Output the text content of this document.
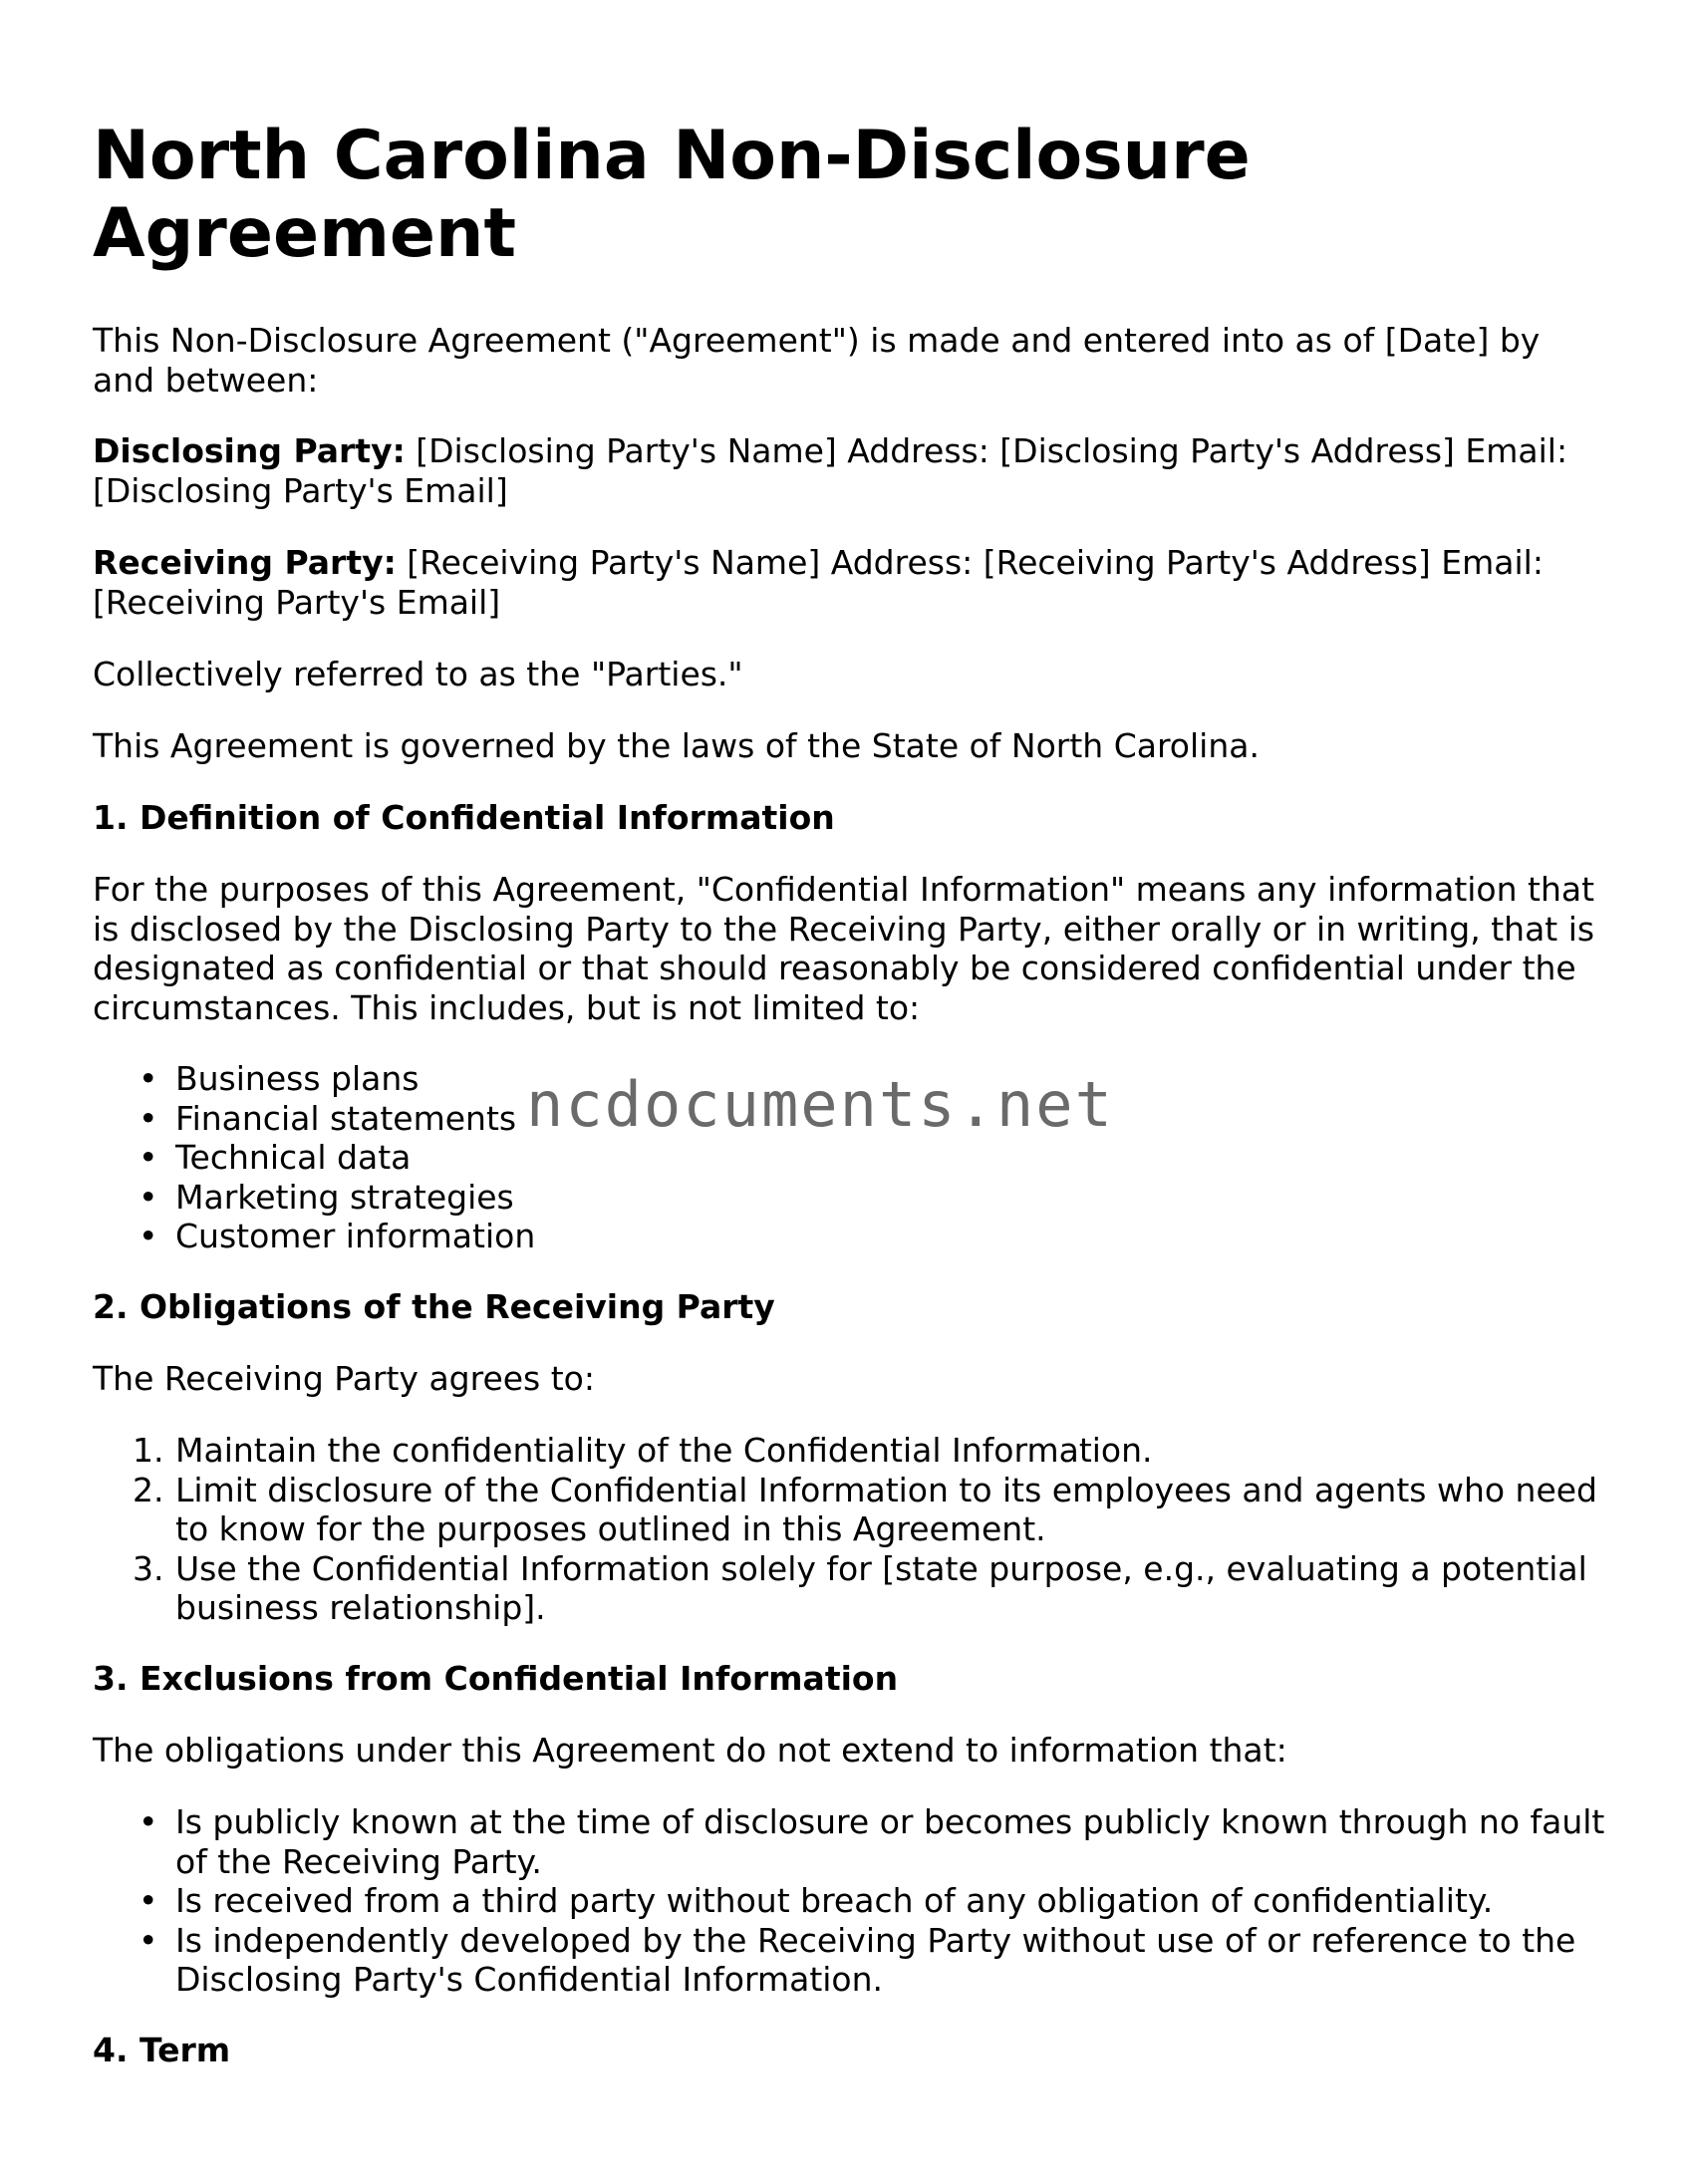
North Carolina Non-Disclosure Agreement

This Non-Disclosure Agreement ("Agreement") is made and entered into as of [Date] by and between:

Disclosing Party: [Disclosing Party's Name] Address: [Disclosing Party's Address] Email: [Disclosing Party's Email]

Receiving Party: [Receiving Party's Name] Address: [Receiving Party's Address] Email: [Receiving Party's Email]

Collectively referred to as the "Parties."

This Agreement is governed by the laws of the State of North Carolina.

1. Definition of Confidential Information

For the purposes of this Agreement, "Confidential Information" means any information that is disclosed by the Disclosing Party to the Receiving Party, either orally or in writing, that is designated as confidential or that should reasonably be considered confidential under the circumstances. This includes, but is not limited to:

• Business plans
• Financial statements
• Technical data
• Marketing strategies
• Customer information

2. Obligations of the Receiving Party

The Receiving Party agrees to:

1. Maintain the confidentiality of the Confidential Information.
2. Limit disclosure of the Confidential Information to its employees and agents who need to know for the purposes outlined in this Agreement.
3. Use the Confidential Information solely for [state purpose, e.g., evaluating a potential business relationship].

3. Exclusions from Confidential Information

The obligations under this Agreement do not extend to information that:

• Is publicly known at the time of disclosure or becomes publicly known through no fault of the Receiving Party.
• Is received from a third party without breach of any obligation of confidentiality.
• Is independently developed by the Receiving Party without use of or reference to the Disclosing Party's Confidential Information.

4. Term

ncdocuments.net
